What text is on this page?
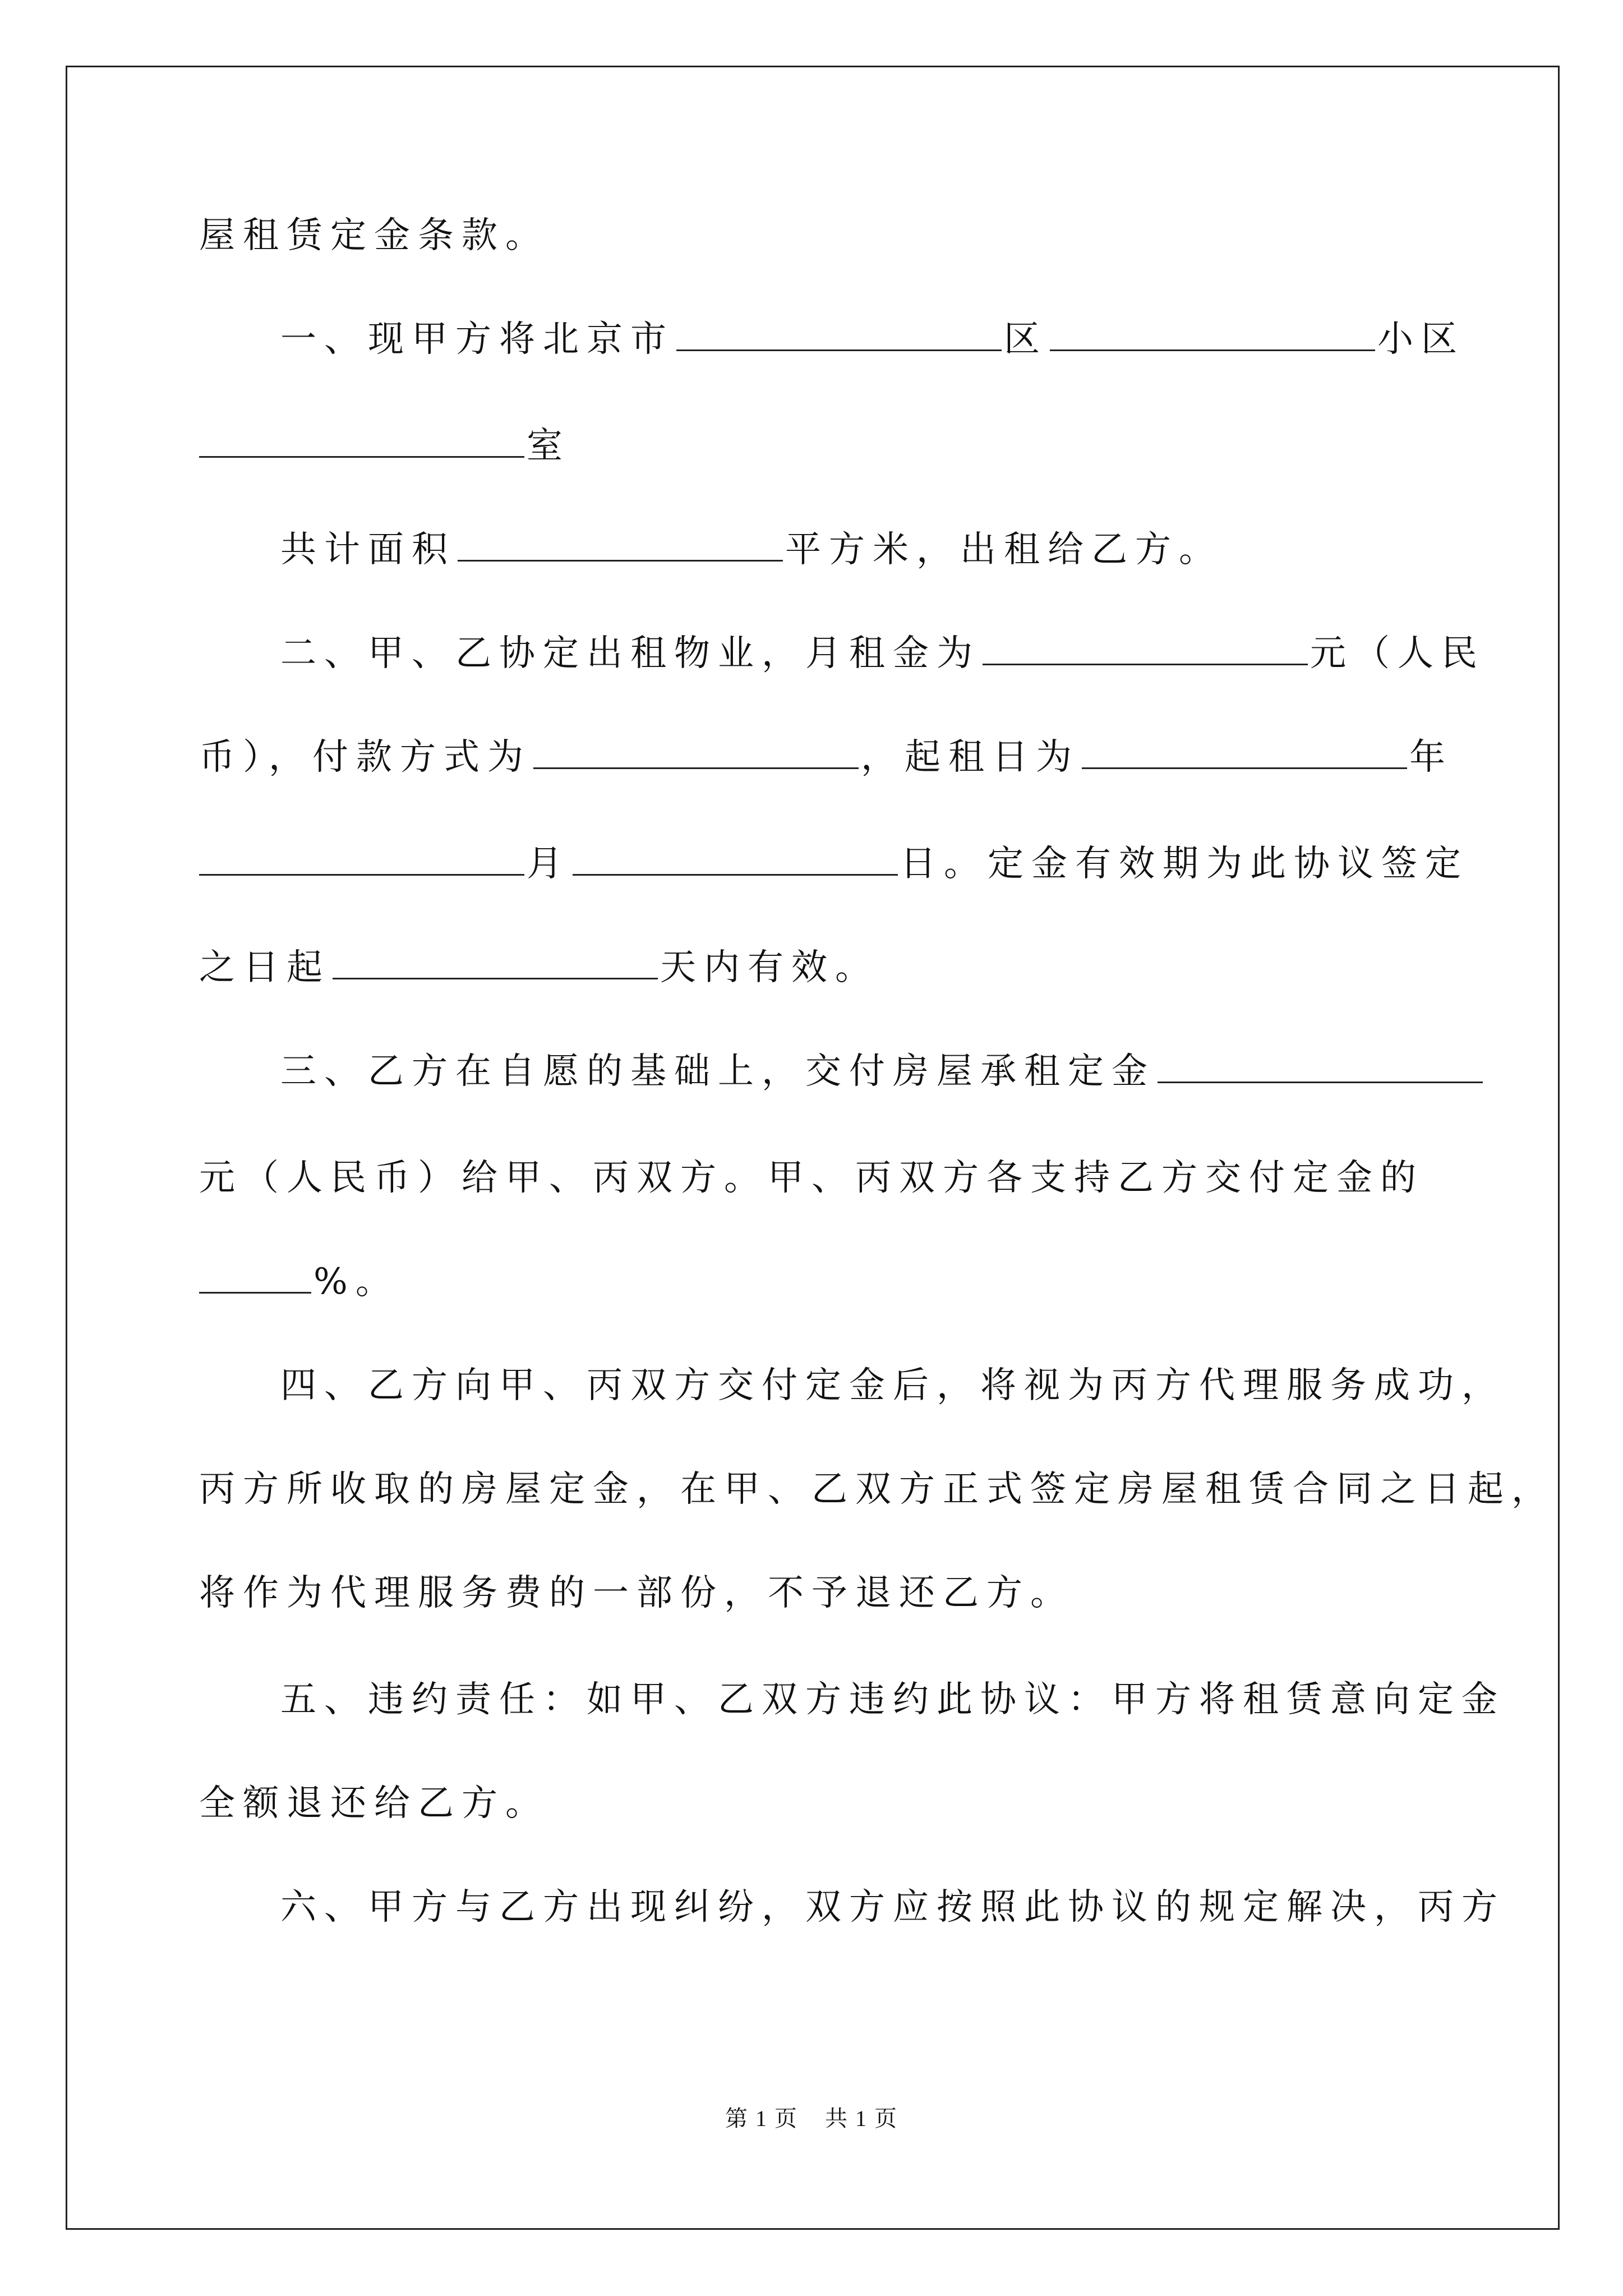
屋租赁定金条款。
一、现甲方将北京市	区	小区
室
共计面积	平方米，出租给乙方。
二、甲、乙协定出租物业，月租金为	元（人民
币），付款方式为	，起租日为	年
月	日。定金有效期为此协议签定
之日起	天内有效。
三、乙方在自愿的基础上，交付房屋承租定金
元（人民币）给甲、丙双方。甲、丙双方各支持乙方交付定金的
%。
四、乙方向甲、丙双方交付定金后，将视为丙方代理服务成功，
丙方所收取的房屋定金，在甲、乙双方正式签定房屋租赁合同之日起，
将作为代理服务费的一部份，不予退还乙方。
五、违约责任：如甲、乙双方违约此协议：甲方将租赁意向定金
全额退还给乙方。
六、甲方与乙方出现纠纷，双方应按照此协议的规定解决，丙方
第 1 页    共 1 页
